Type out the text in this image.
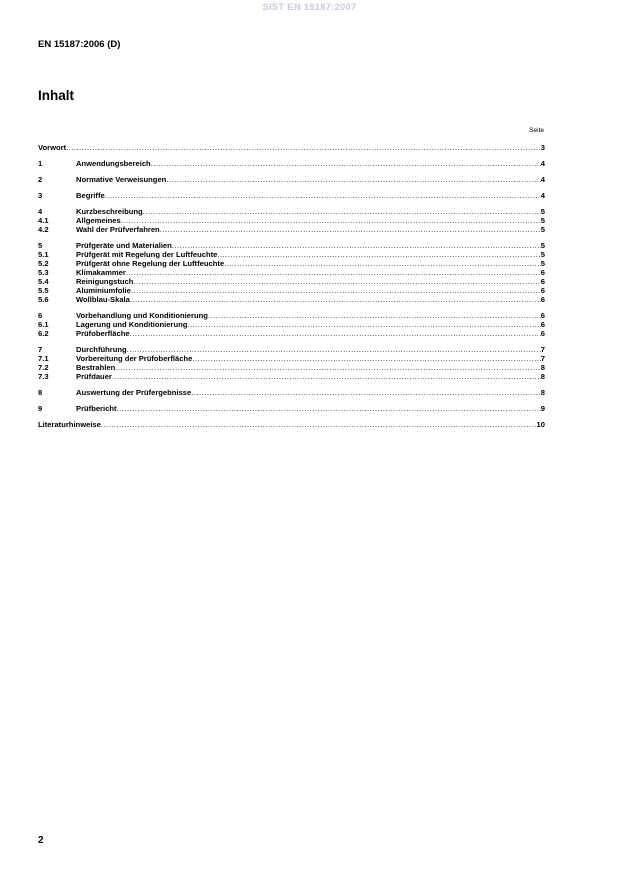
SIST EN 15187:2007
EN 15187:2006 (D)
Inhalt
Seite
Vorwort .....	3
1	Anwendungsbereich .....	4
2	Normative Verweisungen .....	4
3	Begriffe .....	4
4	Kurzbeschreibung .....	5
4.1	Allgemeines .....	5
4.2	Wahl der Prüfverfahren .....	5
5	Prüfgeräte und Materialien .....	5
5.1	Prüfgerät mit Regelung der Luftfeuchte .....	5
5.2	Prüfgerät ohne Regelung der Luftfeuchte .....	5
5.3	Klimakammer .....	6
5.4	Reinigungstuch .....	6
5.5	Aluminiumfolie .....	6
5.6	Wollblau-Skala .....	6
6	Vorbehandlung und Konditionierung .....	6
6.1	Lagerung und Konditionierung .....	6
6.2	Prüfoberfläche .....	6
7	Durchführung .....	7
7.1	Vorbereitung der Prüfoberfläche .....	7
7.2	Bestrahlen .....	8
7.3	Prüfdauer .....	8
8	Auswertung der Prüfergebnisse .....	8
9	Prüfbericht .....	9
Literaturhinweise .....	10
2
